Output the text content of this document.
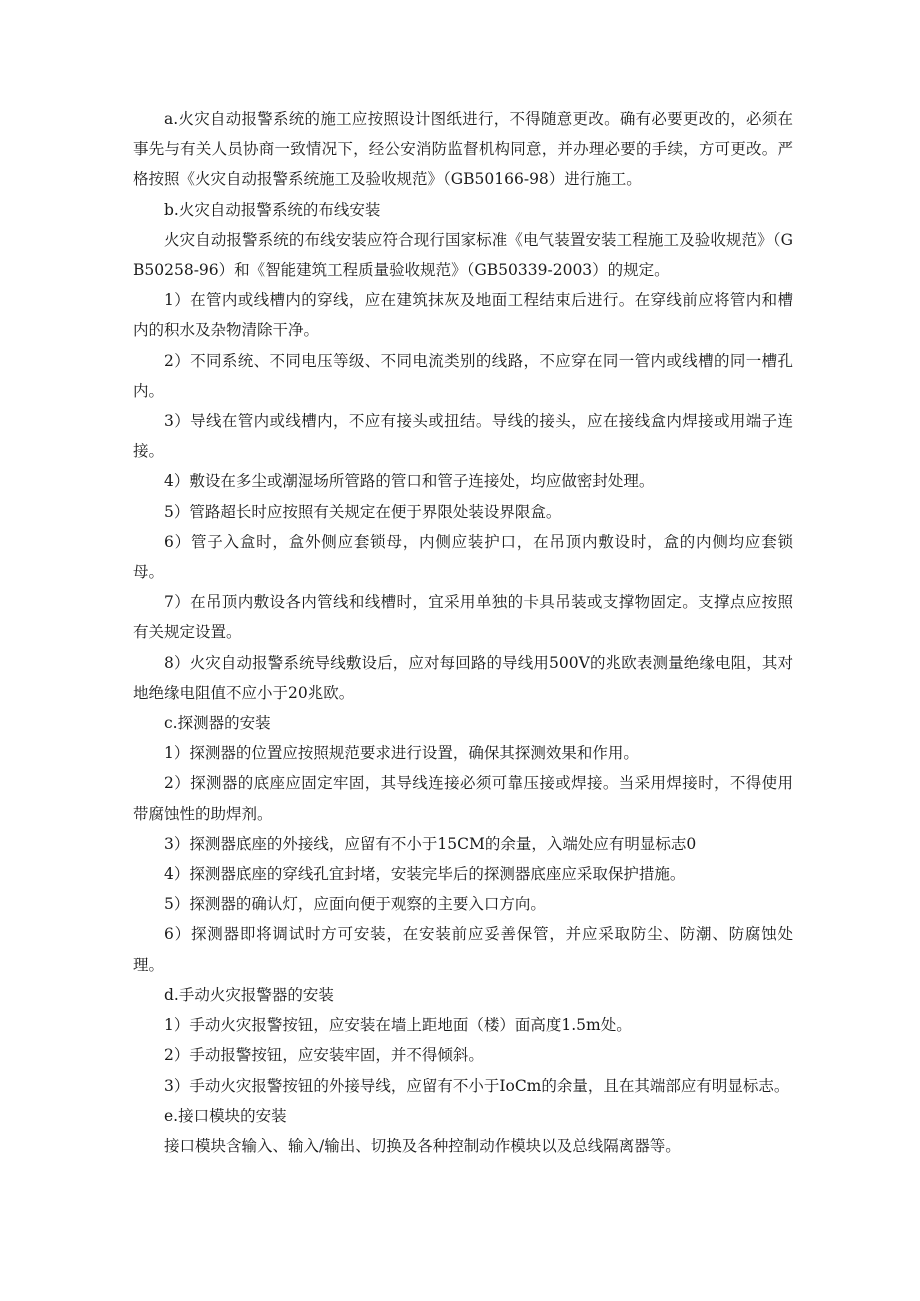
a.火灾自动报警系统的施工应按照设计图纸进行，不得随意更改。确有必要更改的，必须在事先与有关人员协商一致情况下，经公安消防监督机构同意，并办理必要的手续，方可更改。严格按照《火灾自动报警系统施工及验收规范》（GB50166-98）进行施工。

b.火灾自动报警系统的布线安装

火灾自动报警系统的布线安装应符合现行国家标准《电气装置安装工程施工及验收规范》（GB50258-96）和《智能建筑工程质量验收规范》（GB50339-2003）的规定。

1）在管内或线槽内的穿线，应在建筑抹灰及地面工程结束后进行。在穿线前应将管内和槽内的积水及杂物清除干净。

2）不同系统、不同电压等级、不同电流类别的线路，不应穿在同一管内或线槽的同一槽孔内。

3）导线在管内或线槽内，不应有接头或扭结。导线的接头，应在接线盒内焊接或用端子连接。

4）敷设在多尘或潮湿场所管路的管口和管子连接处，均应做密封处理。

5）管路超长时应按照有关规定在便于界限处装设界限盒。

6）管子入盒时，盒外侧应套锁母，内侧应装护口，在吊顶内敷设时，盒的内侧均应套锁母。

7）在吊顶内敷设各内管线和线槽时，宜采用单独的卡具吊装或支撑物固定。支撑点应按照有关规定设置。

8）火灾自动报警系统导线敷设后，应对每回路的导线用500V的兆欧表测量绝缘电阻，其对地绝缘电阻值不应小于20兆欧。

c.探测器的安装

1）探测器的位置应按照规范要求进行设置，确保其探测效果和作用。

2）探测器的底座应固定牢固，其导线连接必须可靠压接或焊接。当采用焊接时，不得使用带腐蚀性的助焊剂。

3）探测器底座的外接线，应留有不小于15CM的余量，入端处应有明显标志0

4）探测器底座的穿线孔宜封堵，安装完毕后的探测器底座应采取保护措施。

5）探测器的确认灯，应面向便于观察的主要入口方向。

6）探测器即将调试时方可安装，在安装前应妥善保管，并应采取防尘、防潮、防腐蚀处理。

d.手动火灾报警器的安装

1）手动火灾报警按钮，应安装在墙上距地面（楼）面高度1.5m处。

2）手动报警按钮，应安装牢固，并不得倾斜。

3）手动火灾报警按钮的外接导线，应留有不小于IoCm的余量，且在其端部应有明显标志。

e.接口模块的安装

接口模块含输入、输入/输出、切换及各种控制动作模块以及总线隔离器等。
